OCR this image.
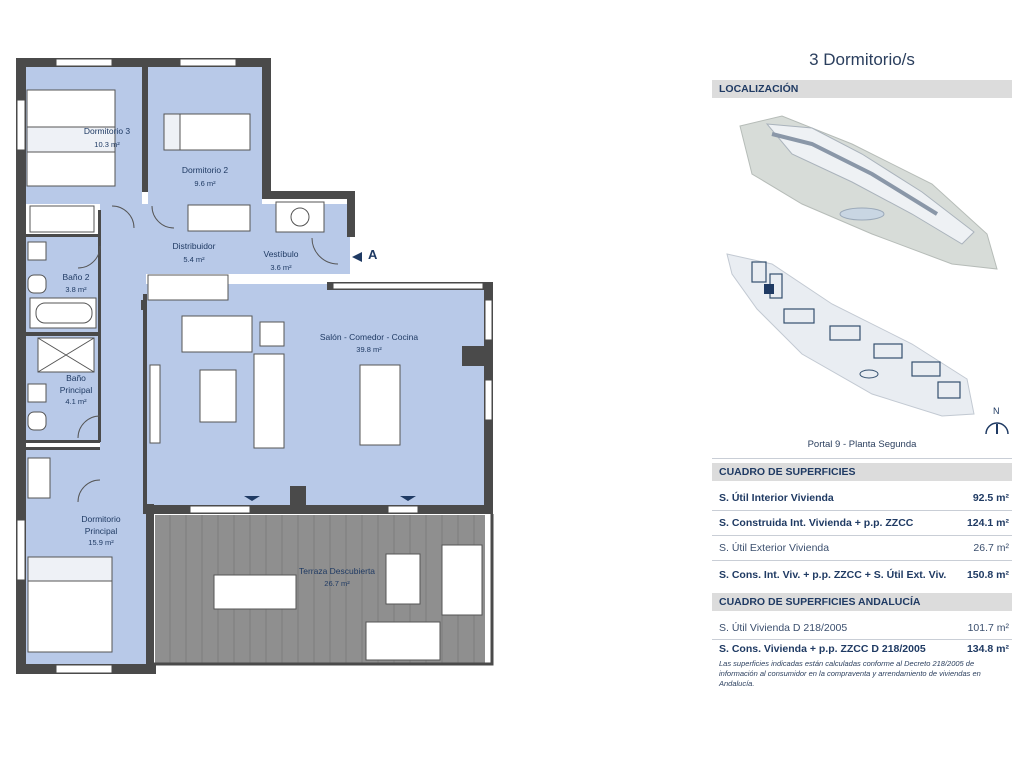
A
Dormitorio 3
10.3 m²
Dormitorio 2
9.6 m²
Distribuidor
5.4 m²
Vestíbulo
3.6 m²
Baño 2
3.8 m²
Salón - Comedor - Cocina
39.8 m²
Baño
Principal
4.1 m²
Dormitorio
Principal
15.9 m²
Terraza Descubierta
26.7 m²
3 Dormitorio/s
LOCALIZACIÓN
N
Portal 9 - Planta Segunda
CUADRO DE SUPERFICIES
S. Útil Interior Vivienda	92.5 m²
S. Construida Int. Vivienda + p.p. ZZCC	124.1 m²
S. Útil Exterior Vivienda	26.7 m²
S. Cons. Int. Viv. + p.p. ZZCC + S. Útil Ext. Viv. 150.8 m²
CUADRO DE SUPERFICIES ANDALUCÍA
S. Útil Vivienda D 218/2005	101.7 m²
S. Cons. Vivienda + p.p. ZZCC D 218/2005	134.8 m²
Las superficies indicadas están calculadas conforme al Decreto 218/2005 de información al consumidor en la compraventa y arrendamiento de viviendas en Andalucía.
